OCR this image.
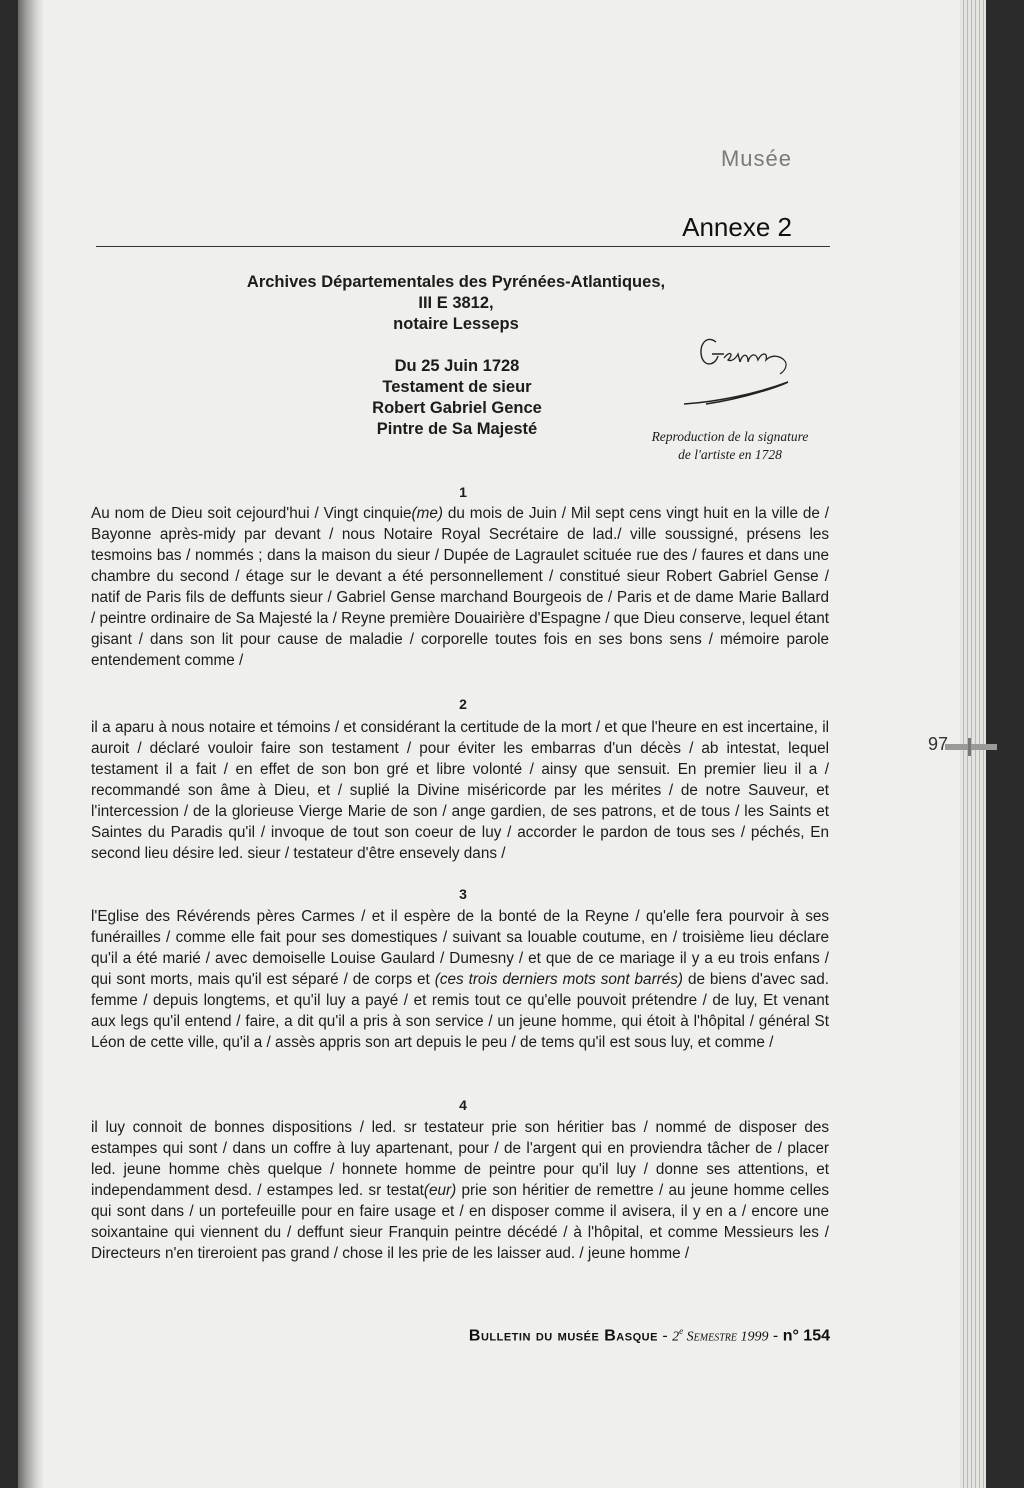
Musée
Annexe 2
Archives Départementales des Pyrénées-Atlantiques,
III E 3812,
notaire Lesseps
Du 25 Juin 1728
Testament de sieur
Robert Gabriel Gence
Pintre de Sa Majesté
Gence
Reproduction de la signature
de l'artiste en 1728
1

Au nom de Dieu soit cejourd'hui / Vingt cinquie(me) du mois de Juin / Mil sept cens vingt huit en la ville de / Bayonne après-midy par devant / nous Notaire Royal Secrétaire de lad./ ville soussigné, présens les tesmoins bas / nommés ; dans la maison du sieur / Dupée de Lagraulet scituée rue des / faures et dans une chambre du second / étage sur le devant a été personnellement / constitué sieur Robert Gabriel Gense / natif de Paris fils de deffunts sieur / Gabriel Gense marchand Bourgeois de / Paris et de dame Marie Ballard / peintre ordinaire de Sa Majesté la / Reyne première Douairière d'Espagne / que Dieu conserve, lequel étant gisant / dans son lit pour cause de maladie / corporelle toutes fois en ses bons sens / mémoire parole entendement comme /

2

il a aparu à nous notaire et témoins / et considérant la certitude de la mort / et que l'heure en est incertaine, il auroit / déclaré vouloir faire son testament / pour éviter les embarras d'un décès / ab intestat, lequel testament il a fait / en effet de son bon gré et libre volonté / ainsy que sensuit. En premier lieu il a / recommandé son âme à Dieu, et / suplié la Divine miséricorde par les mérites / de notre Sauveur, et l'intercession / de la glorieuse Vierge Marie de son / ange gardien, de ses patrons, et de tous / les Saints et Saintes du Paradis qu'il / invoque de tout son coeur de luy / accorder le pardon de tous ses / péchés, En second lieu désire led. sieur / testateur d'être ensevely dans /

3

l'Eglise des Révérends pères Carmes / et il espère de la bonté de la Reyne / qu'elle fera pourvoir à ses funérailles / comme elle fait pour ses domestiques / suivant sa louable coutume, en / troisième lieu déclare qu'il a été marié / avec demoiselle Louise Gaulard / Dumesny / et que de ce mariage il y a eu trois enfans / qui sont morts, mais qu'il est séparé / de corps et (ces trois derniers mots sont barrés) de biens d'avec sad. femme / depuis longtems, et qu'il luy a payé / et remis tout ce qu'elle pouvoit prétendre / de luy, Et venant aux legs qu'il entend / faire, a dit qu'il a pris à son service / un jeune homme, qui étoit à l'hôpital / général St Léon de cette ville, qu'il a / assès appris son art depuis le peu / de tems qu'il est sous luy, et comme /

4

il luy connoit de bonnes dispositions / led. sr testateur prie son héritier bas / nommé de disposer des estampes qui sont / dans un coffre à luy apartenant, pour / de l'argent qui en proviendra tâcher de / placer led. jeune homme chès quelque / honnete homme de peintre pour qu'il luy / donne ses attentions, et independamment desd. / estampes led. sr testat(eur) prie son héritier de remettre / au jeune homme celles qui sont dans / un portefeuille pour en faire usage et / en disposer comme il avisera, il y en a / encore une soixantaine qui viennent du / deffunt sieur Franquin peintre décédé / à l'hôpital, et comme Messieurs les / Directeurs n'en tireroient pas grand / chose il les prie de les laisser aud. / jeune homme /

97
Bulletin du musée Basque - 2e Semestre 1999 - n° 154
